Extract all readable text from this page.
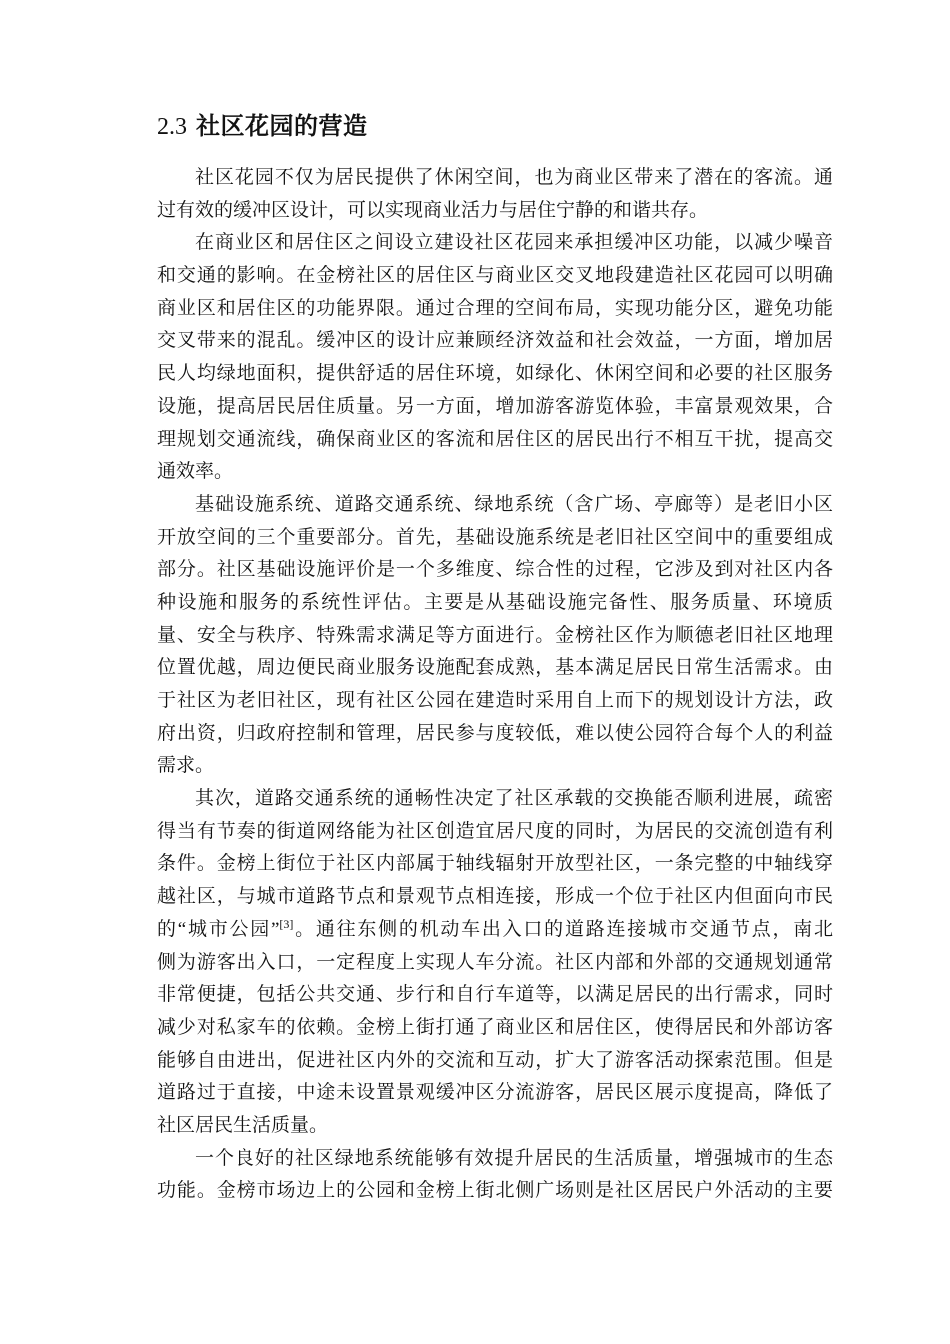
2.3 社区花园的营造
社区花园不仅为居民提供了休闲空间，也为商业区带来了潜在的客流。通
过有效的缓冲区设计，可以实现商业活力与居住宁静的和谐共存。
在商业区和居住区之间设立建设社区花园来承担缓冲区功能，以减少噪音
和交通的影响。在金榜社区的居住区与商业区交叉地段建造社区花园可以明确
商业区和居住区的功能界限。通过合理的空间布局，实现功能分区，避免功能
交叉带来的混乱。缓冲区的设计应兼顾经济效益和社会效益，一方面，增加居
民人均绿地面积，提供舒适的居住环境，如绿化、休闲空间和必要的社区服务
设施，提高居民居住质量。另一方面，增加游客游览体验，丰富景观效果，合
理规划交通流线，确保商业区的客流和居住区的居民出行不相互干扰，提高交
通效率。
基础设施系统、道路交通系统、绿地系统（含广场、亭廊等）是老旧小区
开放空间的三个重要部分。首先，基础设施系统是老旧社区空间中的重要组成
部分。社区基础设施评价是一个多维度、综合性的过程，它涉及到对社区内各
种设施和服务的系统性评估。主要是从基础设施完备性、服务质量、环境质
量、安全与秩序、特殊需求满足等方面进行。金榜社区作为顺德老旧社区地理
位置优越，周边便民商业服务设施配套成熟，基本满足居民日常生活需求。由
于社区为老旧社区，现有社区公园在建造时采用自上而下的规划设计方法，政
府出资，归政府控制和管理，居民参与度较低，难以使公园符合每个人的利益
需求。
其次，道路交通系统的通畅性决定了社区承载的交换能否顺利进展，疏密
得当有节奏的街道网络能为社区创造宜居尺度的同时，为居民的交流创造有利
条件。金榜上街位于社区内部属于轴线辐射开放型社区，一条完整的中轴线穿
越社区，与城市道路节点和景观节点相连接，形成一个位于社区内但面向市民
的“城市公园”[3]。通往东侧的机动车出入口的道路连接城市交通节点，南北
侧为游客出入口，一定程度上实现人车分流。社区内部和外部的交通规划通常
非常便捷，包括公共交通、步行和自行车道等，以满足居民的出行需求，同时
减少对私家车的依赖。金榜上街打通了商业区和居住区，使得居民和外部访客
能够自由进出，促进社区内外的交流和互动，扩大了游客活动探索范围。但是
道路过于直接，中途未设置景观缓冲区分流游客，居民区展示度提高，降低了
社区居民生活质量。
一个良好的社区绿地系统能够有效提升居民的生活质量，增强城市的生态
功能。金榜市场边上的公园和金榜上街北侧广场则是社区居民户外活动的主要
